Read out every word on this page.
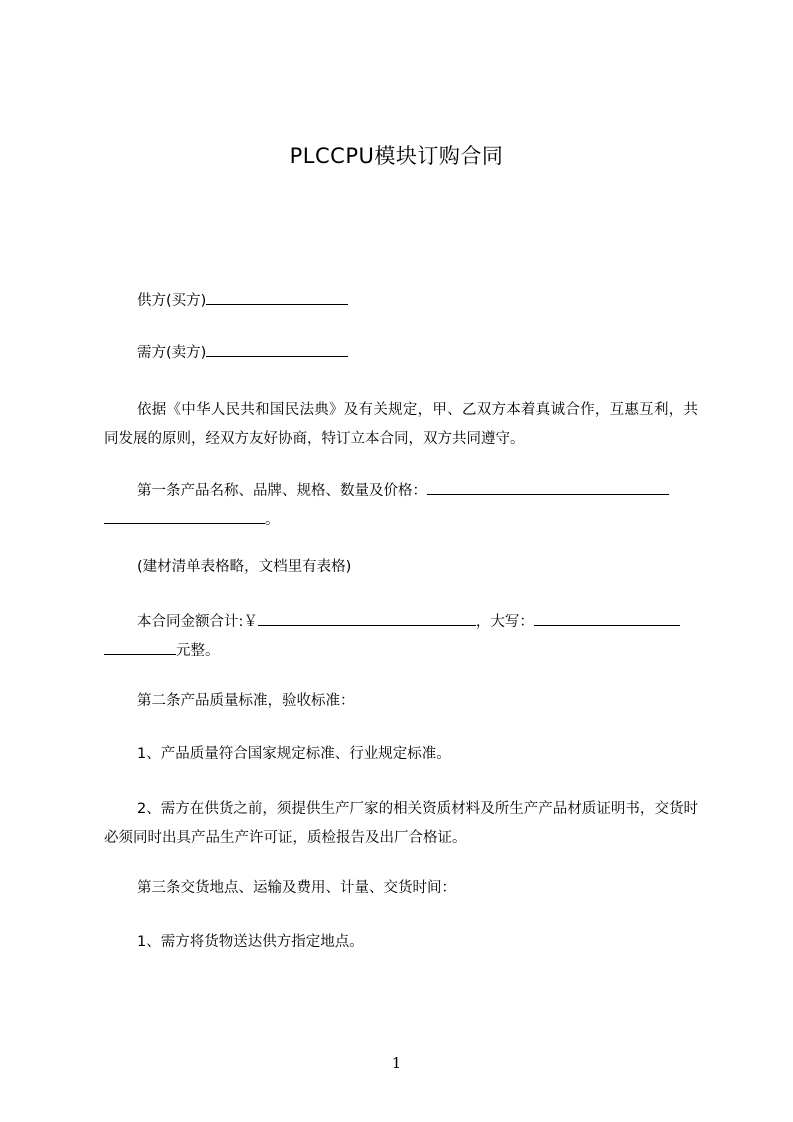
PLCCPU模块订购合同
供方(买方)
需方(卖方)
依据《中华人民共和国民法典》及有关规定，甲、乙双方本着真诚合作，互惠互利，共同发展的原则，经双方友好协商，特订立本合同，双方共同遵守。
第一条产品名称、品牌、规格、数量及价格：
。
(建材清单表格略，文档里有表格)
本合同金额合计:￥	，大写：
元整。
第二条产品质量标准，验收标准：
1、产品质量符合国家规定标准、行业规定标准。
2、需方在供货之前，须提供生产厂家的相关资质材料及所生产产品材质证明书，交货时必须同时出具产品生产许可证，质检报告及出厂合格证。
第三条交货地点、运输及费用、计量、交货时间：
1、需方将货物送达供方指定地点。
1
